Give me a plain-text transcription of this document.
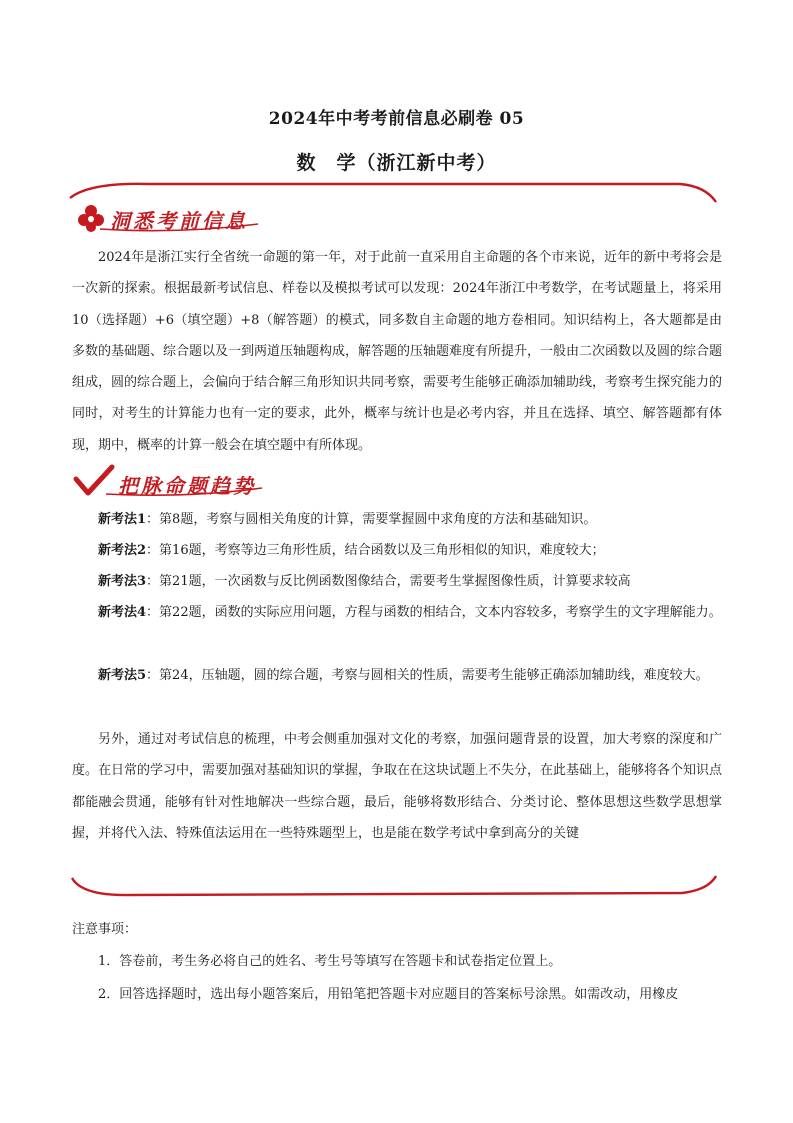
2024年中考考前信息必刷卷 05
数　学（浙江新中考）
洞悉考前信息

2024年是浙江实行全省统一命题的第一年，对于此前一直采用自主命题的各个市来说，近年的新中考将会是一次新的探索。根据最新考试信息、样卷以及模拟考试可以发现：2024年浙江中考数学，在考试题量上，将采用10（选择题）+6（填空题）+8（解答题）的模式，同多数自主命题的地方卷相同。知识结构上，各大题都是由多数的基础题、综合题以及一到两道压轴题构成，解答题的压轴题难度有所提升，一般由二次函数以及圆的综合题组成，圆的综合题上，会偏向于结合解三角形知识共同考察，需要考生能够正确添加辅助线，考察考生探究能力的同时，对考生的计算能力也有一定的要求，此外，概率与统计也是必考内容，并且在选择、填空、解答题都有体现，期中，概率的计算一般会在填空题中有所体现。

把脉命题趋势

新考法1：第8题，考察与圆相关角度的计算，需要掌握圆中求角度的方法和基础知识。

新考法2：第16题，考察等边三角形性质，结合函数以及三角形相似的知识，难度较大；

新考法3：第21题，一次函数与反比例函数图像结合，需要考生掌握图像性质，计算要求较高

新考法4：第22题，函数的实际应用问题，方程与函数的相结合，文本内容较多，考察学生的文字理解能力。

新考法5：第24，压轴题，圆的综合题，考察与圆相关的性质，需要考生能够正确添加辅助线，难度较大。

另外，通过对考试信息的梳理，中考会侧重加强对文化的考察，加强问题背景的设置，加大考察的深度和广度。在日常的学习中，需要加强对基础知识的掌握，争取在在这块试题上不失分，在此基础上，能够将各个知识点都能融会贯通，能够有针对性地解决一些综合题，最后，能够将数形结合、分类讨论、整体思想这些数学思想掌握，并将代入法、特殊值法运用在一些特殊题型上，也是能在数学考试中拿到高分的关键

注意事项：
1．答卷前，考生务必将自己的姓名、考生号等填写在答题卡和试卷指定位置上。
2．回答选择题时，选出每小题答案后，用铅笔把答题卡对应题目的答案标号涂黑。如需改动，用橡皮
